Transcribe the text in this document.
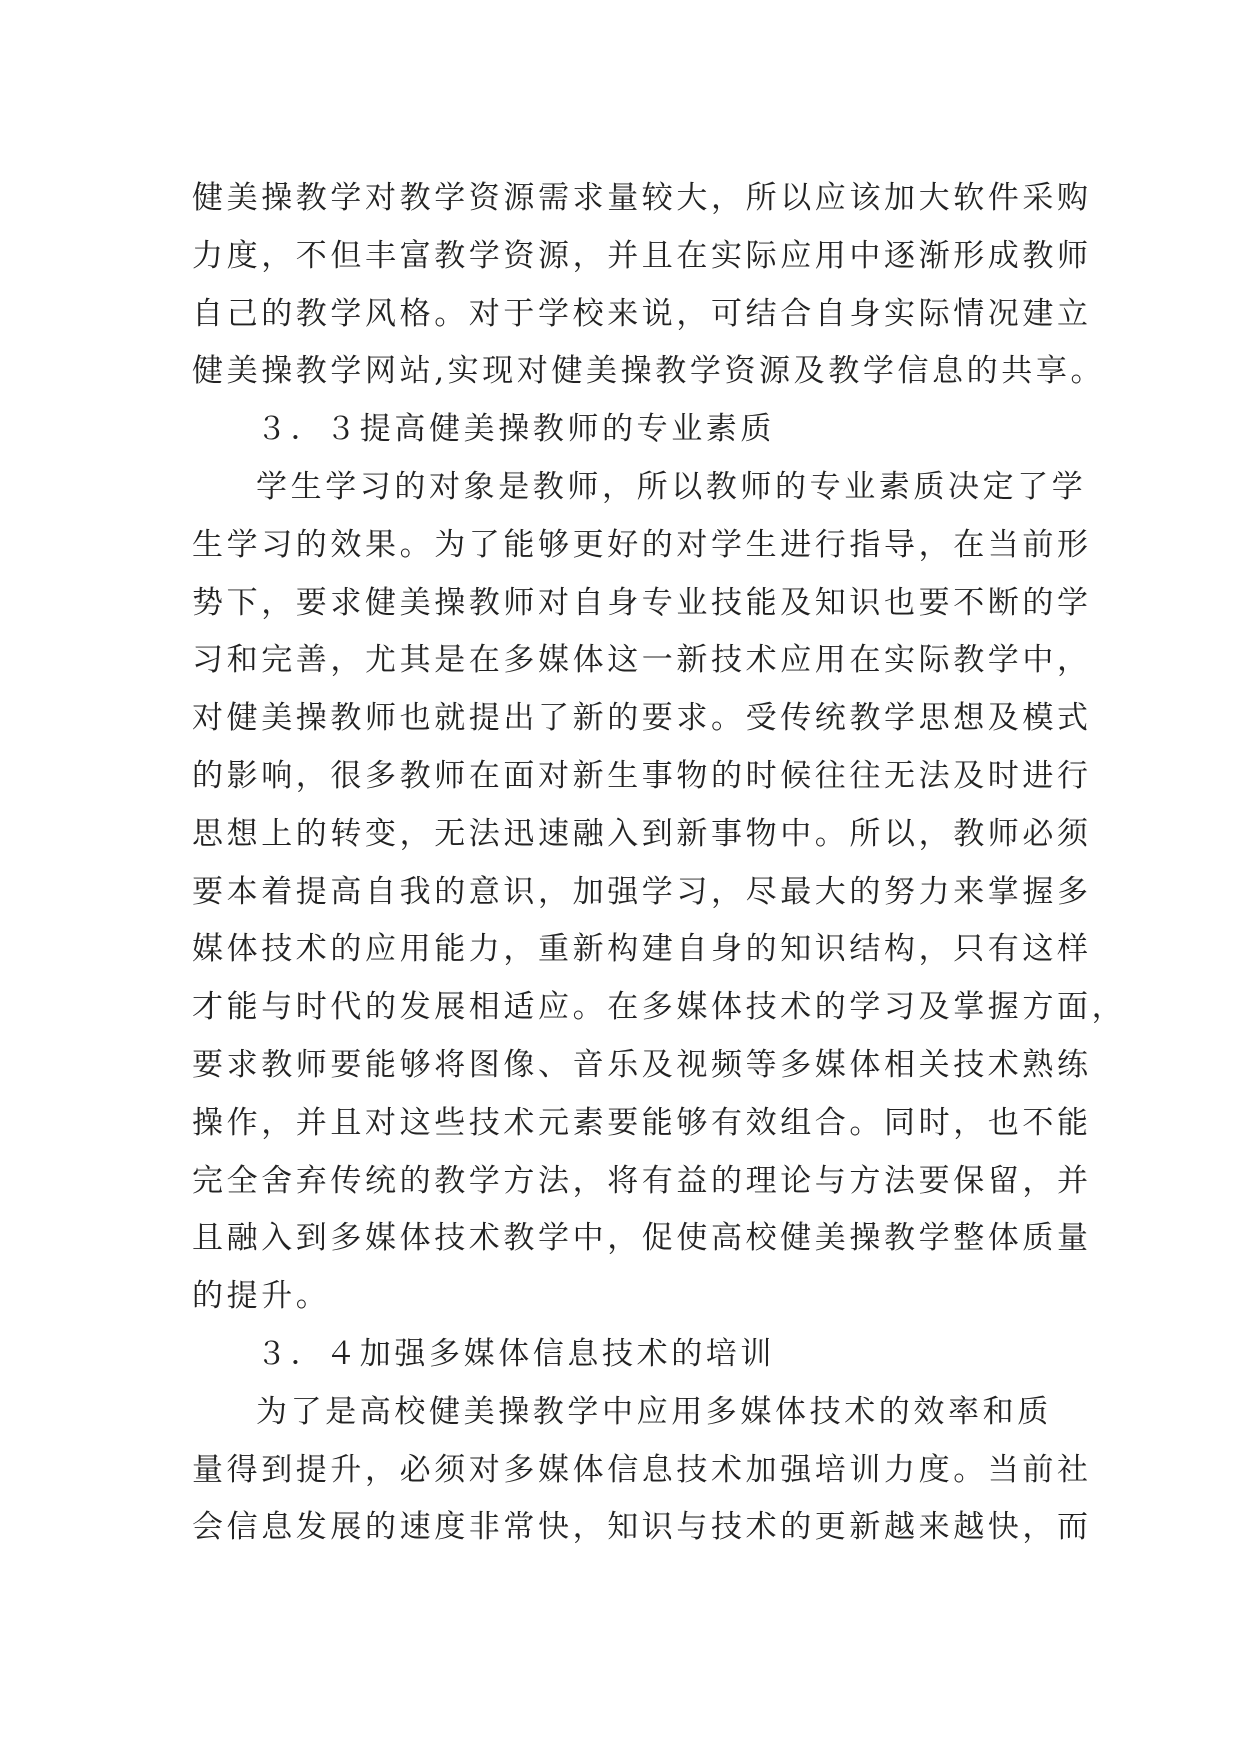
健美操教学对教学资源需求量较大，所以应该加大软件采购
力度，不但丰富教学资源，并且在实际应用中逐渐形成教师
自己的教学风格。对于学校来说，可结合自身实际情况建立
健美操教学网站,实现对健美操教学资源及教学信息的共享。
３．３提高健美操教师的专业素质
学生学习的对象是教师，所以教师的专业素质决定了学
生学习的效果。为了能够更好的对学生进行指导，在当前形
势下，要求健美操教师对自身专业技能及知识也要不断的学
习和完善，尤其是在多媒体这一新技术应用在实际教学中，
对健美操教师也就提出了新的要求。受传统教学思想及模式
的影响，很多教师在面对新生事物的时候往往无法及时进行
思想上的转变，无法迅速融入到新事物中。所以，教师必须
要本着提高自我的意识，加强学习，尽最大的努力来掌握多
媒体技术的应用能力，重新构建自身的知识结构，只有这样
才能与时代的发展相适应。在多媒体技术的学习及掌握方面，
要求教师要能够将图像、音乐及视频等多媒体相关技术熟练
操作，并且对这些技术元素要能够有效组合。同时，也不能
完全舍弃传统的教学方法，将有益的理论与方法要保留，并
且融入到多媒体技术教学中，促使高校健美操教学整体质量
的提升。
３．４加强多媒体信息技术的培训
为了是高校健美操教学中应用多媒体技术的效率和质
量得到提升，必须对多媒体信息技术加强培训力度。当前社
会信息发展的速度非常快，知识与技术的更新越来越快，而
